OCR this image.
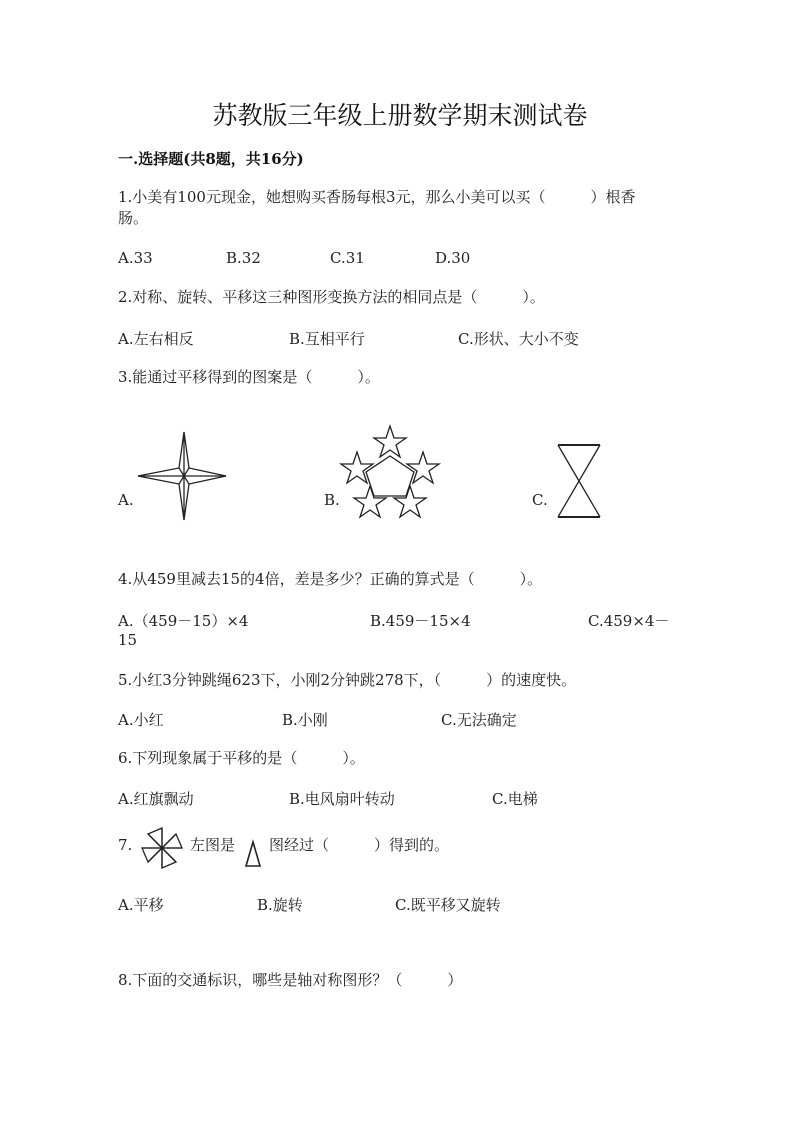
苏教版三年级上册数学期末测试卷
一.选择题(共8题，共16分)
1.小美有100元现金，她想购买香肠每根3元，那么小美可以买（　　　）根香
肠。
A.33	B.32	C.31	D.30
2.对称、旋转、平移这三种图形变换方法的相同点是（　　　）。
A.左右相反	B.互相平行	C.形状、大小不变
3.能通过平移得到的图案是（　　　）。
A.	B.	C.
4.从459里减去15的4倍，差是多少？正确的算式是（　　　）。
A.（459－15）×4	B.459－15×4	C.459×4－
15
5.小红3分钟跳绳623下，小刚2分钟跳278下，（　　　）的速度快。
A.小红	B.小刚	C.无法确定
6.下列现象属于平移的是（　　　）。
A.红旗飘动	B.电风扇叶转动	C.电梯
7.	左图是 图经过（　　　）得到的。
A.平移	B.旋转	C.既平移又旋转
8.下面的交通标识，哪些是轴对称图形？（　　　）
